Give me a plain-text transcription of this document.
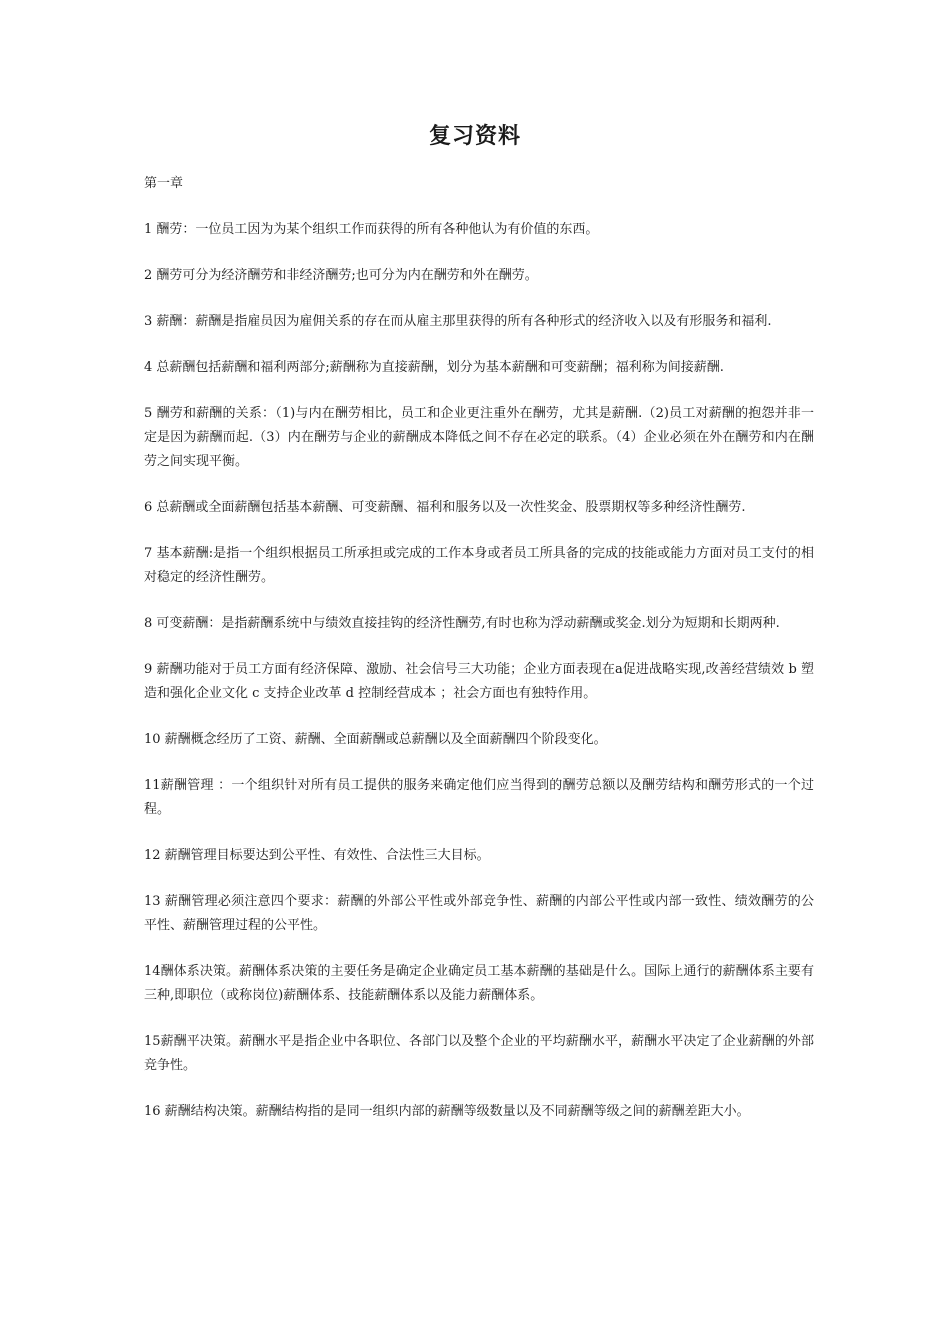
复习资料

第一章

1 酬劳：一位员工因为为某个组织工作而获得的所有各种他认为有价值的东西。

2 酬劳可分为经济酬劳和非经济酬劳;也可分为内在酬劳和外在酬劳。

3 薪酬：薪酬是指雇员因为雇佣关系的存在而从雇主那里获得的所有各种形式的经济收入以及有形服务和福利.

4 总薪酬包括薪酬和福利两部分;薪酬称为直接薪酬，划分为基本薪酬和可变薪酬；福利称为间接薪酬.

5 酬劳和薪酬的关系：（1)与内在酬劳相比，员工和企业更注重外在酬劳，尤其是薪酬.（2)员工对薪酬的抱怨并非一定是因为薪酬而起.（3）内在酬劳与企业的薪酬成本降低之间不存在必定的联系。（4）企业必须在外在酬劳和内在酬劳之间实现平衡。

6 总薪酬或全面薪酬包括基本薪酬、可变薪酬、福利和服务以及一次性奖金、股票期权等多种经济性酬劳.

7 基本薪酬:是指一个组织根据员工所承担或完成的工作本身或者员工所具备的完成的技能或能力方面对员工支付的相对稳定的经济性酬劳。

8 可变薪酬：是指薪酬系统中与绩效直接挂钩的经济性酬劳,有时也称为浮动薪酬或奖金.划分为短期和长期两种.

9 薪酬功能对于员工方面有经济保障、激励、社会信号三大功能；企业方面表现在a促进战略实现,改善经营绩效 b 塑造和强化企业文化 c 支持企业改革 d 控制经营成本 ；社会方面也有独特作用。

10 薪酬概念经历了工资、薪酬、全面薪酬或总薪酬以及全面薪酬四个阶段变化。

11薪酬管理 ：一个组织针对所有员工提供的服务来确定他们应当得到的酬劳总额以及酬劳结构和酬劳形式的一个过程。

12 薪酬管理目标要达到公平性、有效性、合法性三大目标。

13 薪酬管理必须注意四个要求：薪酬的外部公平性或外部竞争性、薪酬的内部公平性或内部一致性、绩效酬劳的公平性、薪酬管理过程的公平性。

14酬体系决策。薪酬体系决策的主要任务是确定企业确定员工基本薪酬的基础是什么。国际上通行的薪酬体系主要有三种,即职位（或称岗位)薪酬体系、技能薪酬体系以及能力薪酬体系。

15薪酬平决策。薪酬水平是指企业中各职位、各部门以及整个企业的平均薪酬水平，薪酬水平决定了企业薪酬的外部竞争性。

16 薪酬结构决策。薪酬结构指的是同一组织内部的薪酬等级数量以及不同薪酬等级之间的薪酬差距大小。
